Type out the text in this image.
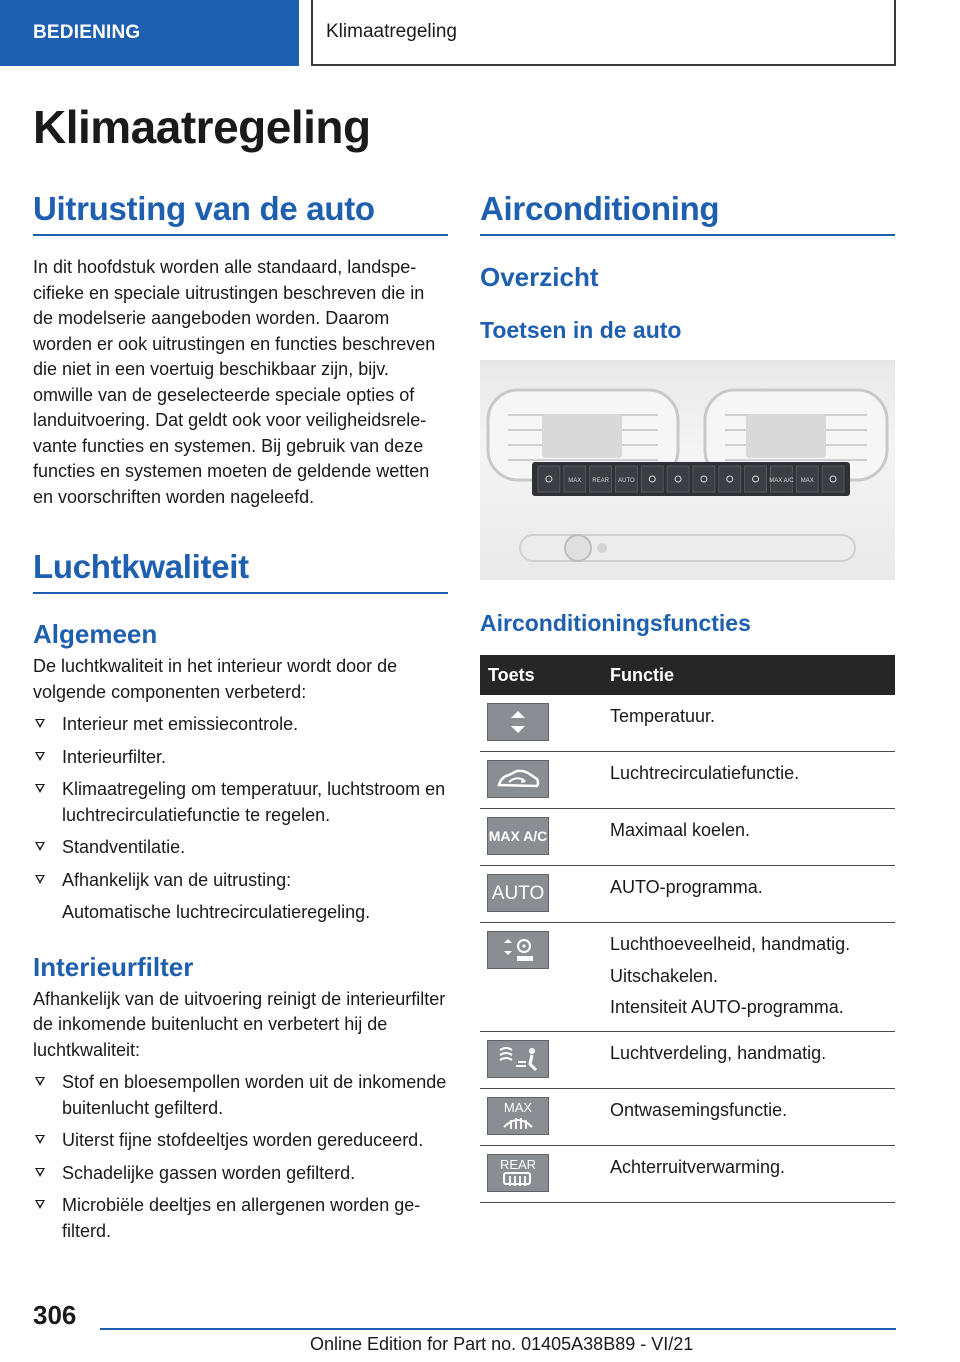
BEDIENING	Klimaatregeling
Klimaatregeling
Uitrusting van de auto

In dit hoofdstuk worden alle standaard, landspecifieke en speciale uitrustingen beschreven die in de modelserie aangeboden worden. Daarom worden er ook uitrustingen en functies beschreven die niet in een voertuig beschikbaar zijn, bijv. omwille van de geselecteerde speciale opties of landuitvoering. Dat geldt ook voor veiligheidsrelevante functies en systemen. Bij gebruik van deze functies en systemen moeten de geldende wetten en voorschriften worden nageleefd.

Luchtkwaliteit
Algemeen

De luchtkwaliteit in het interieur wordt door de volgende componenten verbeterd:

Interieur met emissiecontrole.
Interieurfilter.
Klimaatregeling om temperatuur, luchtstroom en luchtrecirculatiefunctie te regelen.
Standventilatie.
Afhankelijk van de uitrusting:
Automatische luchtrecirculatieregeling.
Interieurfilter

Afhankelijk van de uitvoering reinigt de interieurfilter de inkomende buitenlucht en verbetert hij de luchtkwaliteit:

Stof en bloesempollen worden uit de inkomende buitenlucht gefilterd.
Uiterst fijne stofdeeltjes worden gereduceerd.
Schadelijke gassen worden gefilterd.
Microbiële deeltjes en allergenen worden gefilterd.
Airconditioning
Overzicht
Toetsen in de auto
MAX REAR AUTO	MAX A/C MAX
Airconditioningsfuncties
Toets	Functie

Temperatuur.

Luchtrecirculatiefunctie.

MAX A/C	Maximaal koelen.

AUTO	AUTO-programma.

Luchthoeveelheid, handmatig.
Uitschakelen.
Intensiteit AUTO-programma.

Luchtverdeling, handmatig.

MAX	Ontwasemingsfunctie.

REAR	Achterruitverwarming.
306
Online Edition for Part no. 01405A38B89 - VI/21
